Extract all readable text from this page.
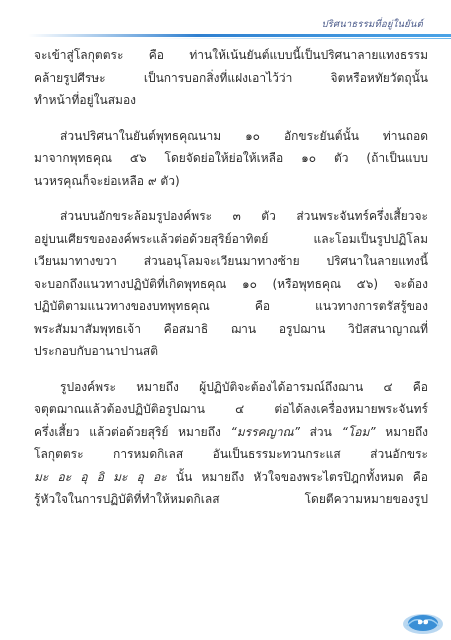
ปริศนาธรรมที่อยู่ในยันต์
จะเข้าสู่โลกุตตระ คือ ท่านให้เน้นยันต์แบบนี้เป็นปริศนาลายแทงธรรม
คล้ายรูปศีรษะ เป็นการบอกสิ่งที่แฝงเอาไว้ว่า จิตหรือหทัยวัตถุนั้น
ทำหน้าที่อยู่ในสมอง
ส่วนปริศนาในยันต์พุทธคุณนาม ๑๐ อักขระยันต์นั้น ท่านถอด
มาจากพุทธคุณ ๕๖ โดยจัดย่อให้ย่อให้เหลือ ๑๐ ตัว (ถ้าเป็นแบบ
นวหรคุณก็จะย่อเหลือ ๙ ตัว)
ส่วนบนอักขระล้อมรูปองค์พระ ๓ ตัว ส่วนพระจันทร์ครึ่งเสี้ยวจะ
อยู่บนเศียรขององค์พระแล้วต่อด้วยสุริย์อาทิตย์ และโอมเป็นรูปปฏิโลม
เวียนมาทางขวา ส่วนอนุโลมจะเวียนมาทางซ้าย ปริศนาในลายแทงนี้
จะบอกถึงแนวทางปฏิบัติที่เกิดพุทธคุณ ๑๐ (หรือพุทธคุณ ๕๖) จะต้อง
ปฏิบัติตามแนวทางของบทพุทธคุณ คือ แนวทางการตรัสรู้ของ
พระสัมมาสัมพุทธเจ้า คือสมาธิ ฌาน อรูปฌาน วิปัสสนาญาณที่
ประกอบกับอานาปานสติ
รูปองค์พระ หมายถึง ผู้ปฏิบัติจะต้องได้อารมณ์ถึงฌาน ๔ คือ
จตุตฌาณแล้วต้องปฏิบัติอรูปฌาน ๔ ต่อได้ลงเครื่องหมายพระจันทร์
ครึ่งเสี้ยว แล้วต่อด้วยสุริย์ หมายถึง “มรรคญาณ” ส่วน “โอม” หมายถึง
โลกุตตระ การหมดกิเลส อันเป็นธรรมะทวนกระแส ส่วนอักขระ
มะ อะ อุ อิ มะ อุ อะ นั้น หมายถึง หัวใจของพระไตรปิฎกทั้งหมด คือ
รู้หัวใจในการปฏิบัติที่ทำให้หมดกิเลส โดยตีความหมายของรูป
๑๑
